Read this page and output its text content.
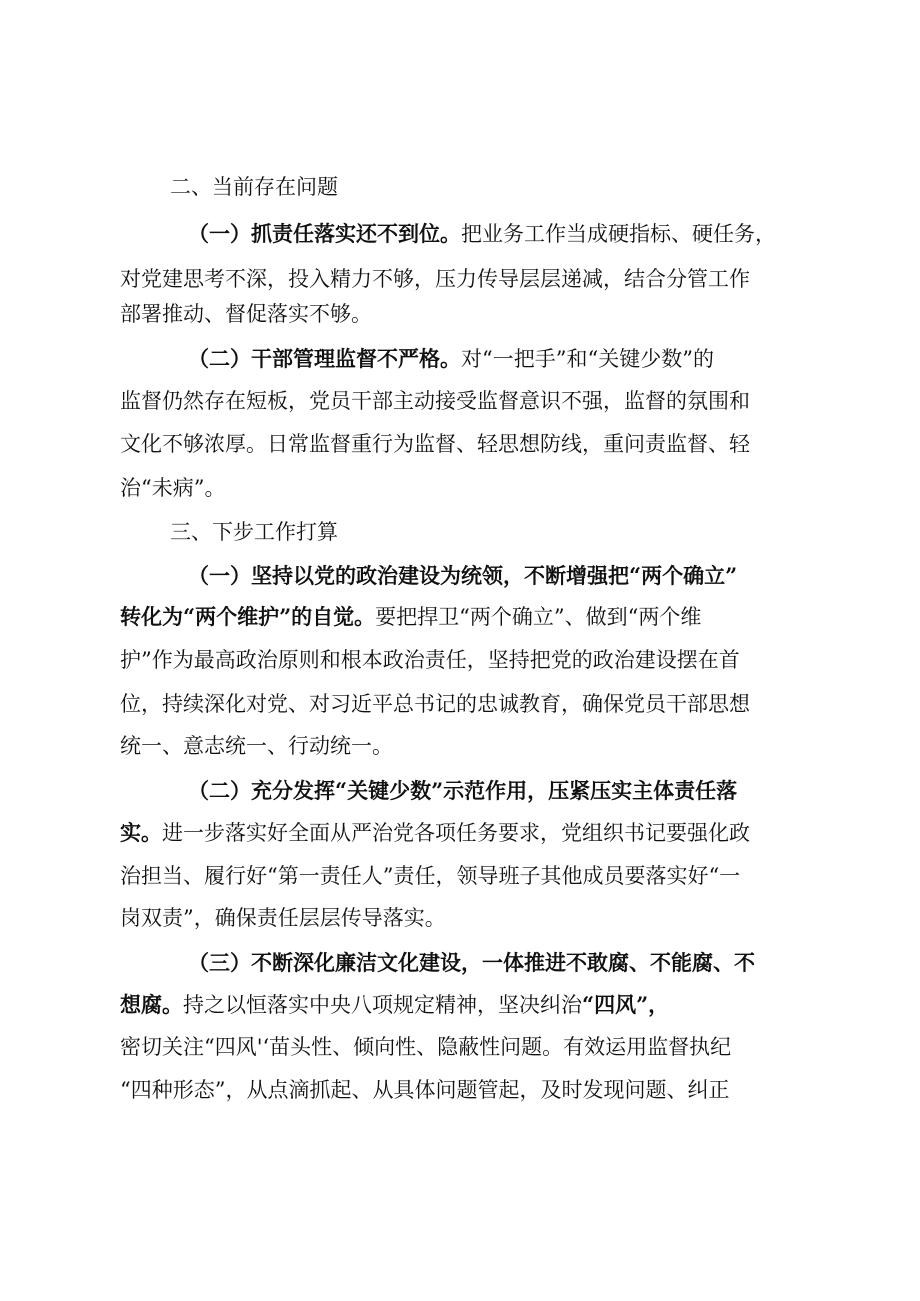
二、当前存在问题
（一）抓责任落实还不到位。把业务工作当成硬指标、硬任务，
对党建思考不深，投入精力不够，压力传导层层递减，结合分管工作
部署推动、督促落实不够。
（二）干部管理监督不严格。对“一把手”和“关键少数”的
监督仍然存在短板，党员干部主动接受监督意识不强，监督的氛围和
文化不够浓厚。日常监督重行为监督、轻思想防线，重问责监督、轻
治“未病”。
三、下步工作打算
（一）坚持以党的政治建设为统领，不断增强把“两个确立”
转化为“两个维护”的自觉。要把捍卫“两个确立”、做到“两个维
护”作为最高政治原则和根本政治责任，坚持把党的政治建设摆在首
位，持续深化对党、对习近平总书记的忠诚教育，确保党员干部思想
统一、意志统一、行动统一。
（二）充分发挥“关键少数”示范作用，压紧压实主体责任落
实。进一步落实好全面从严治党各项任务要求，党组织书记要强化政
治担当、履行好“第一责任人”责任，领导班子其他成员要落实好“一
岗双责”，确保责任层层传导落实。
（三）不断深化廉洁文化建设，一体推进不敢腐、不能腐、不
想腐。持之以恒落实中央八项规定精神，坚决纠治“四风”，
密切关注“四风'‘苗头性、倾向性、隐蔽性问题。有效运用监督执纪
“四种形态”，从点滴抓起、从具体问题管起，及时发现问题、纠正
